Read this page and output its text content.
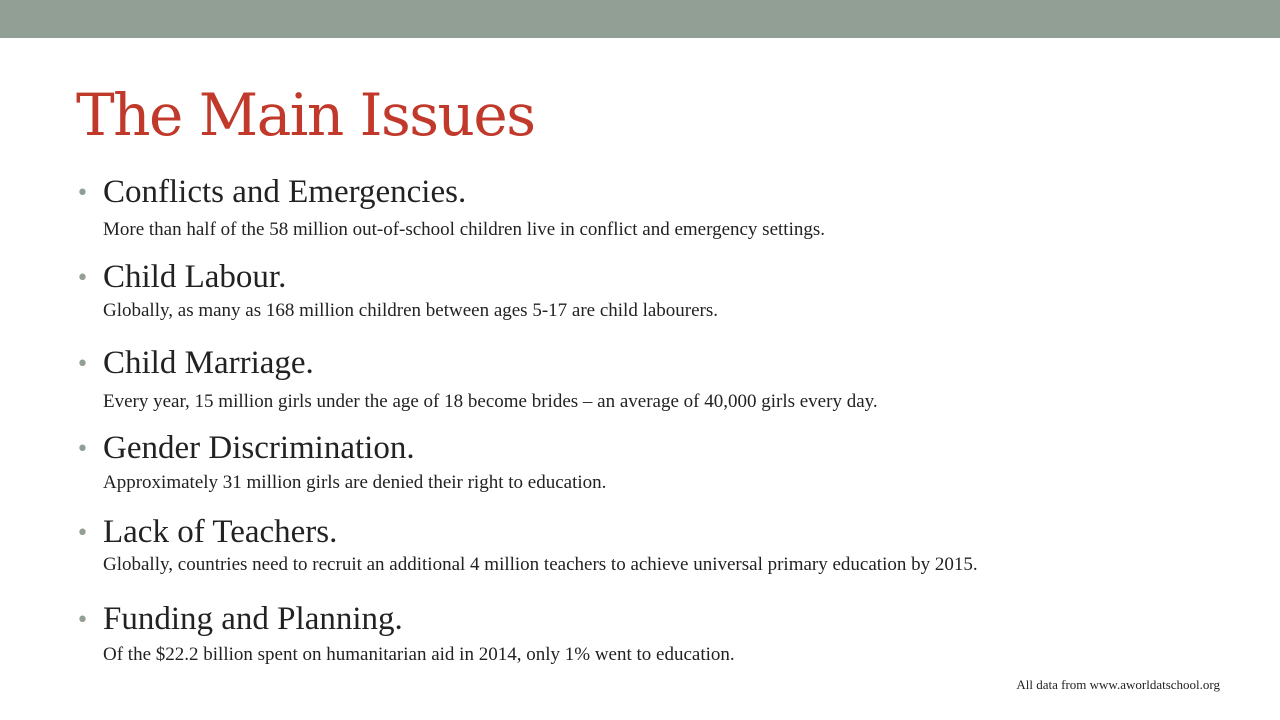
The Main Issues
• Conflicts and Emergencies.
More than half of the 58 million out-of-school children live in conflict and emergency settings.
• Child Labour.
Globally, as many as 168 million children between ages 5-17 are child labourers.
• Child Marriage.
Every year, 15 million girls under the age of 18 become brides – an average of 40,000 girls every day.
• Gender Discrimination.
Approximately 31 million girls are denied their right to education.
• Lack of Teachers.
Globally, countries need to recruit an additional 4 million teachers to achieve universal primary education by 2015.
• Funding and Planning.
Of the $22.2 billion spent on humanitarian aid in 2014, only 1% went to education.
All data from www.aworldatschool.org
